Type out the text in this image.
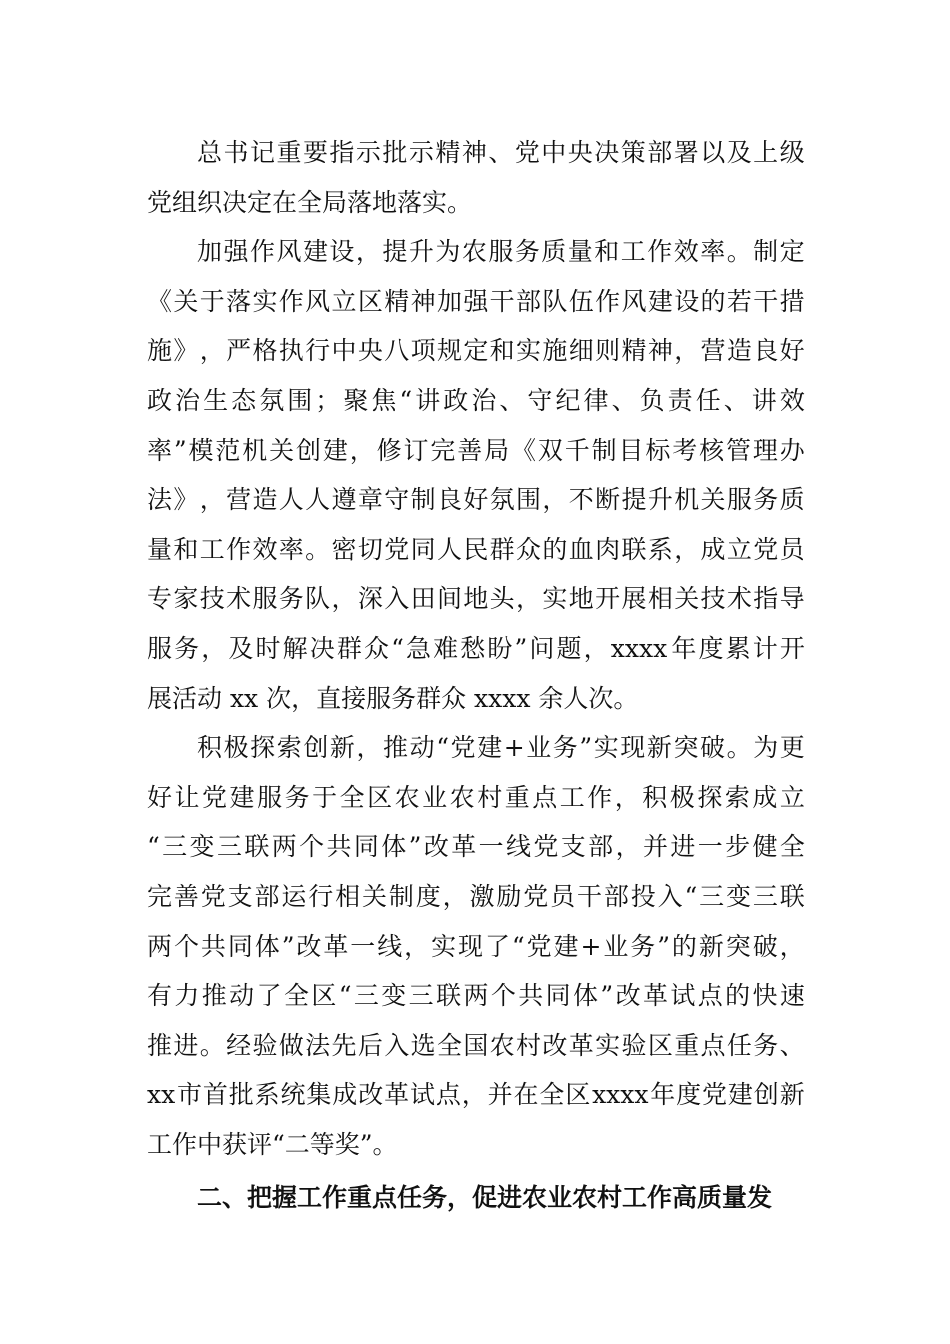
总 书 记 重 要 指 示 批 示 精 神 、 党 中 央 决 策 部 署 以 及 上 级
党组织决定在全局落地落实。
加 强 作 风 建 设 ， 提 升 为 农 服 务 质 量 和 工 作 效 率 。 制 定
《 关 于 落 实 作 风 立 区 精 神 加 强 干 部 队 伍 作 风 建 设 的 若 干 措
施 》 ， 严 格 执 行 中 央 八 项 规 定 和 实 施 细 则 精 神 ， 营 造 良 好
政 治 生 态 氛 围 ； 聚 焦 “ 讲 政 治 、 守 纪 律 、 负 责 任 、 讲 效
率 ” 模 范 机 关 创 建 ， 修 订 完 善 局 《 双 千 制 目 标 考 核 管 理 办
法 》 ， 营 造 人 人 遵 章 守 制 良 好 氛 围 ， 不 断 提 升 机 关 服 务 质
量 和 工 作 效 率 。 密 切 党 同 人 民 群 众 的 血 肉 联 系 ， 成 立 党 员
专 家 技 术 服 务 队 ， 深 入 田 间 地 头 ， 实 地 开 展 相 关 技 术 指 导
服 务 ， 及 时 解 决 群 众 “ 急 难 愁 盼 ” 问 题 ， xxxx 年 度 累 计 开
展活动 xx 次，直接服务群众 xxxx 余人次。
积 极 探 索 创 新 ， 推 动 “ 党 建 + 业 务 ” 实 现 新 突 破 。 为 更
好 让 党 建 服 务 于 全 区 农 业 农 村 重 点 工 作 ， 积 极 探 索 成 立
“ 三 变 三 联 两 个 共 同 体 ” 改 革 一 线 党 支 部 ， 并 进 一 步 健 全
完 善 党 支 部 运 行 相 关 制 度 ， 激 励 党 员 干 部 投 入 “ 三 变 三 联
两 个 共 同 体 ” 改 革 一 线 ， 实 现 了 “ 党 建 + 业 务 ” 的 新 突 破 ，
有 力 推 动 了 全 区 “ 三 变 三 联 两 个 共 同 体 ” 改 革 试 点 的 快 速
推 进 。 经 验 做 法 先 后 入 选 全 国 农 村 改 革 实 验 区 重 点 任 务 、
xx 市 首 批 系 统 集 成 改 革 试 点 ， 并 在 全 区 xxxx 年 度 党 建 创 新
工作中获评“二等奖”。
二、把握工作重点任务，促进农业农村工作高质量发
